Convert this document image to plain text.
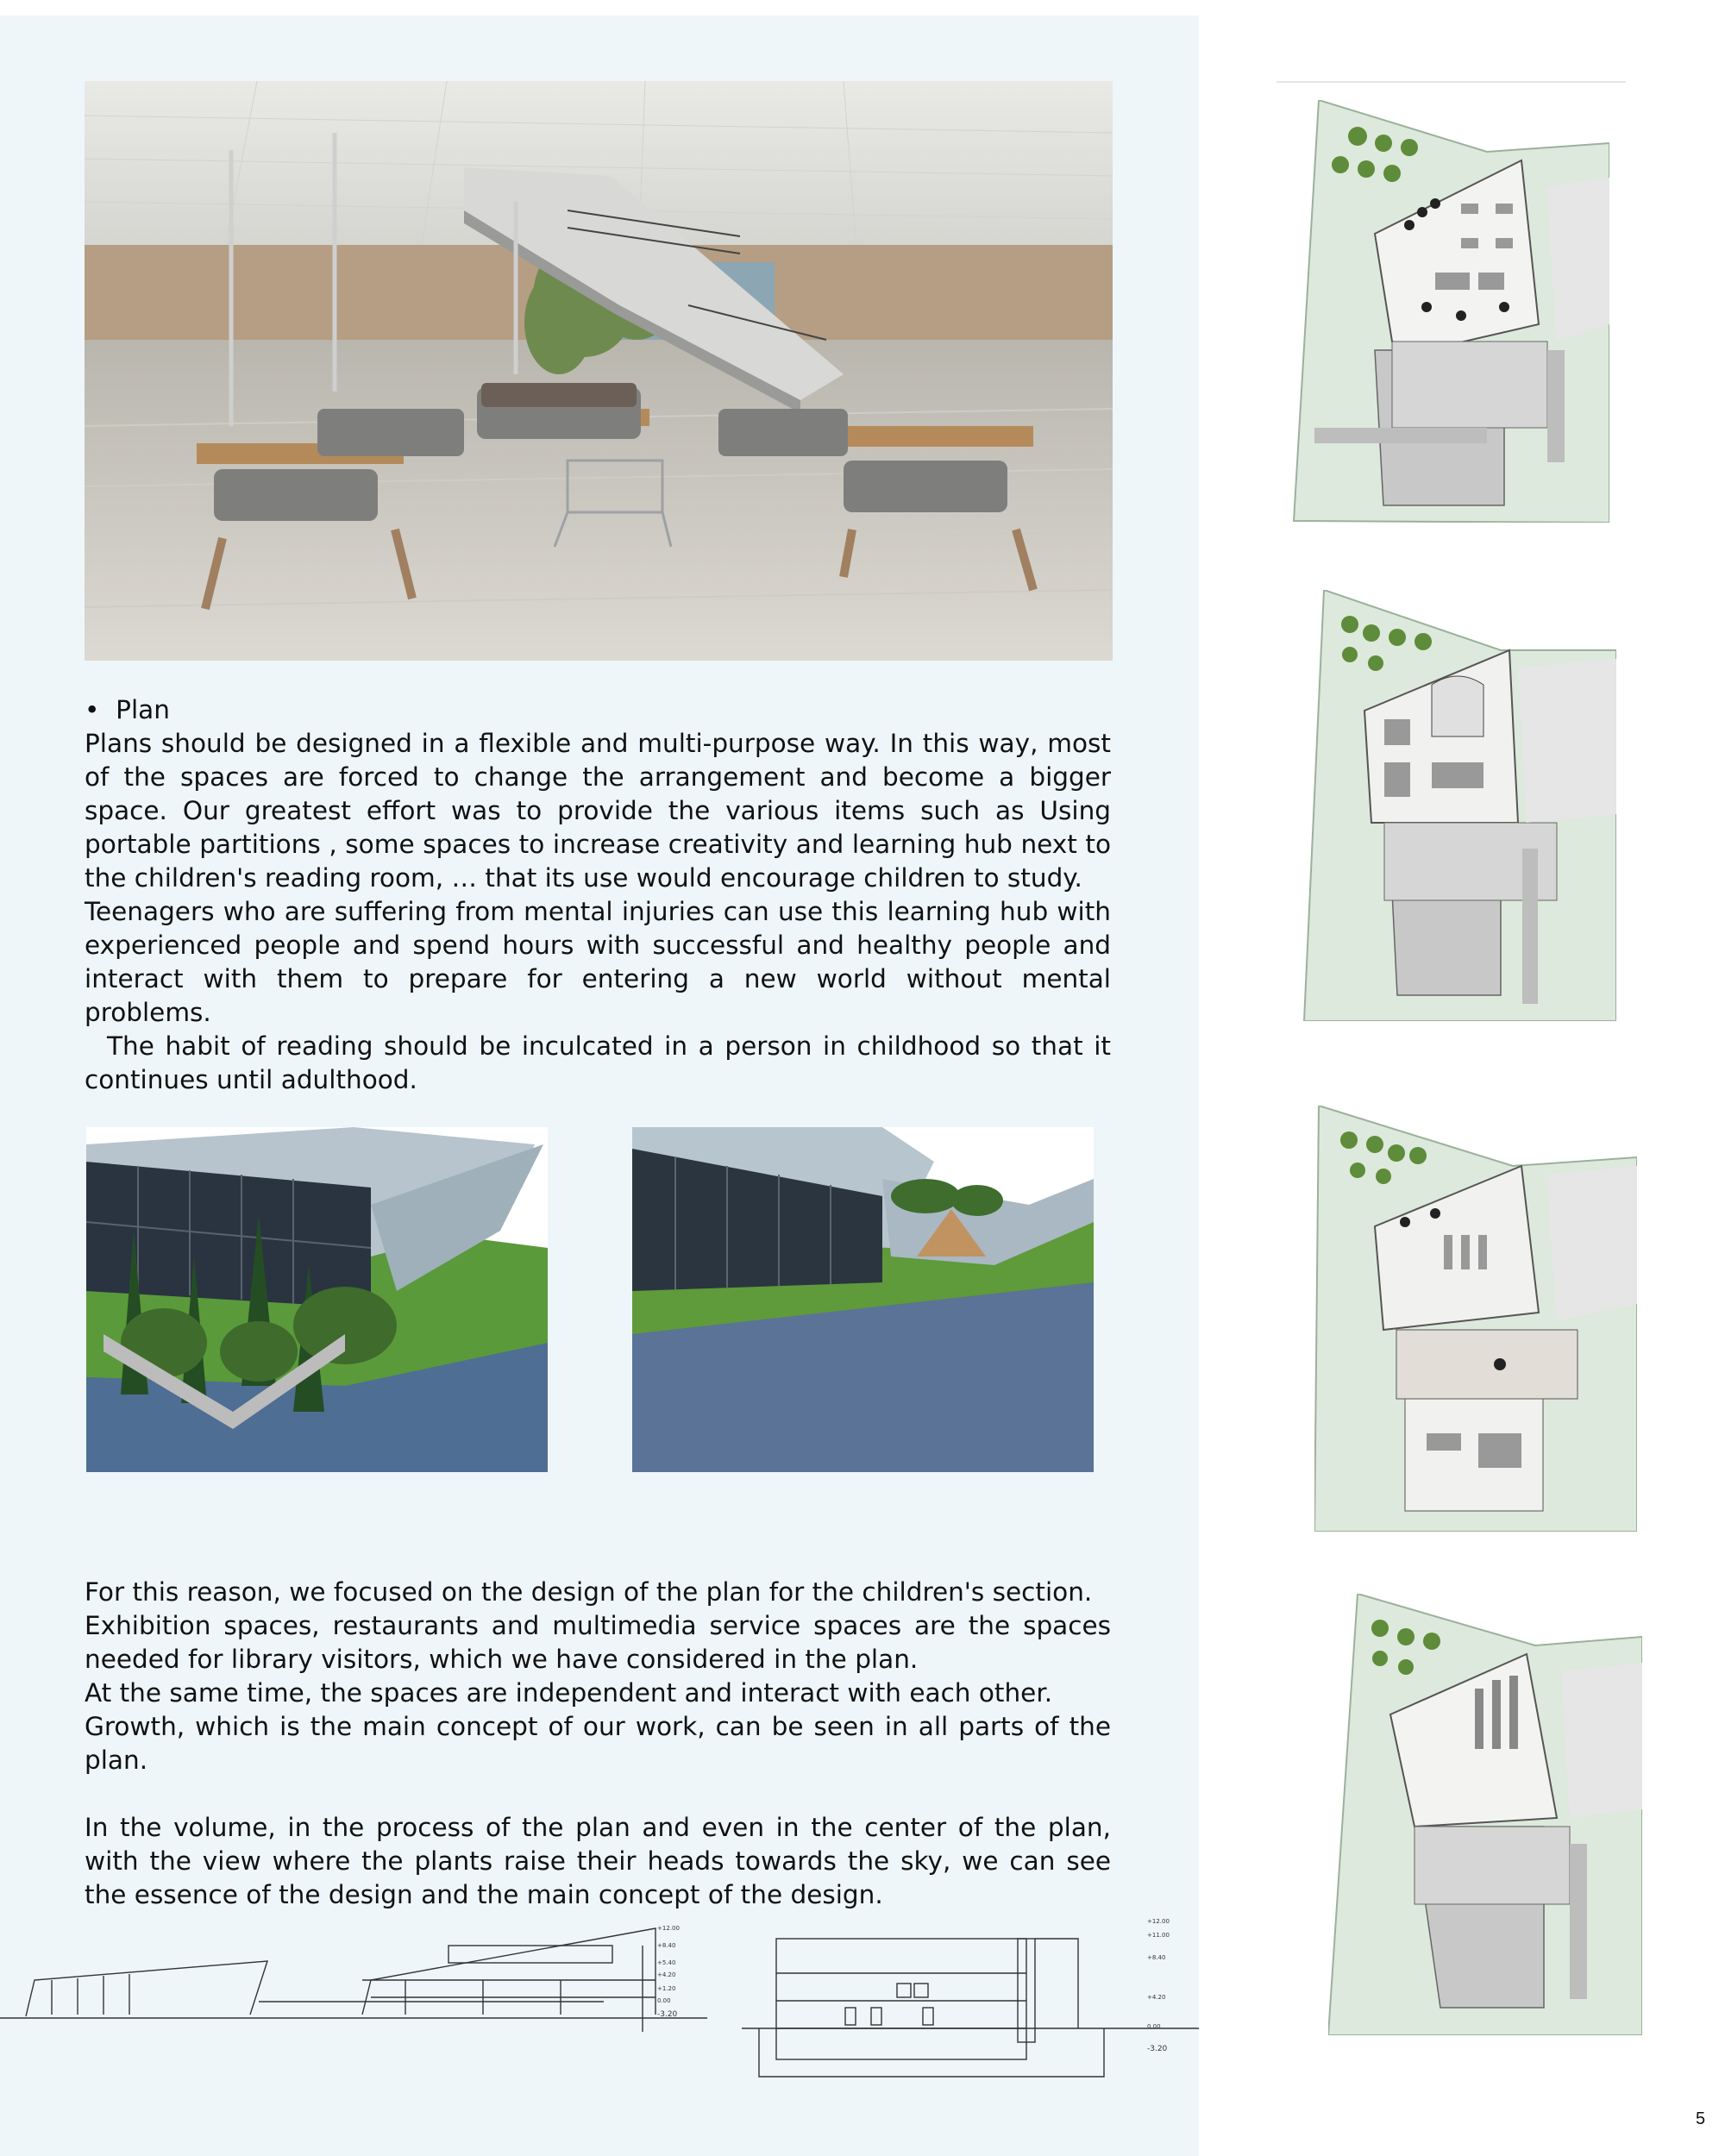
• Plan

Plans should be designed in a flexible and multi-purpose way. In this way, most of the spaces are forced to change the arrangement and become a bigger space. Our greatest effort was to provide the various items such as Using portable partitions , some spaces to increase creativity and learning hub next to the children's reading room, … that its use would encourage children to study.

Teenagers who are suffering from mental injuries can use this learning hub with experienced people and spend hours with successful and healthy people and interact with them to prepare for entering a new world without mental problems.

The habit of reading should be inculcated in a person in childhood so that it continues until adulthood.

For this reason, we focused on the design of the plan for the children's section.

Exhibition spaces, restaurants and multimedia service spaces are the spaces needed for library visitors, which we have considered in the plan.

At the same time, the spaces are independent and interact with each other.

Growth, which is the main concept of our work, can be seen in all parts of the plan.

In the volume, in the process of the plan and even in the center of the plan, with the view where the plants raise their heads towards the sky, we can see the essence of the design and the main concept of the design.

+12.00
+8.40
+5.40
+4.20
+1.20
0.00
-3.20
+12.00
+11.00
+8.40
+4.20
0.00
-3.20
5
